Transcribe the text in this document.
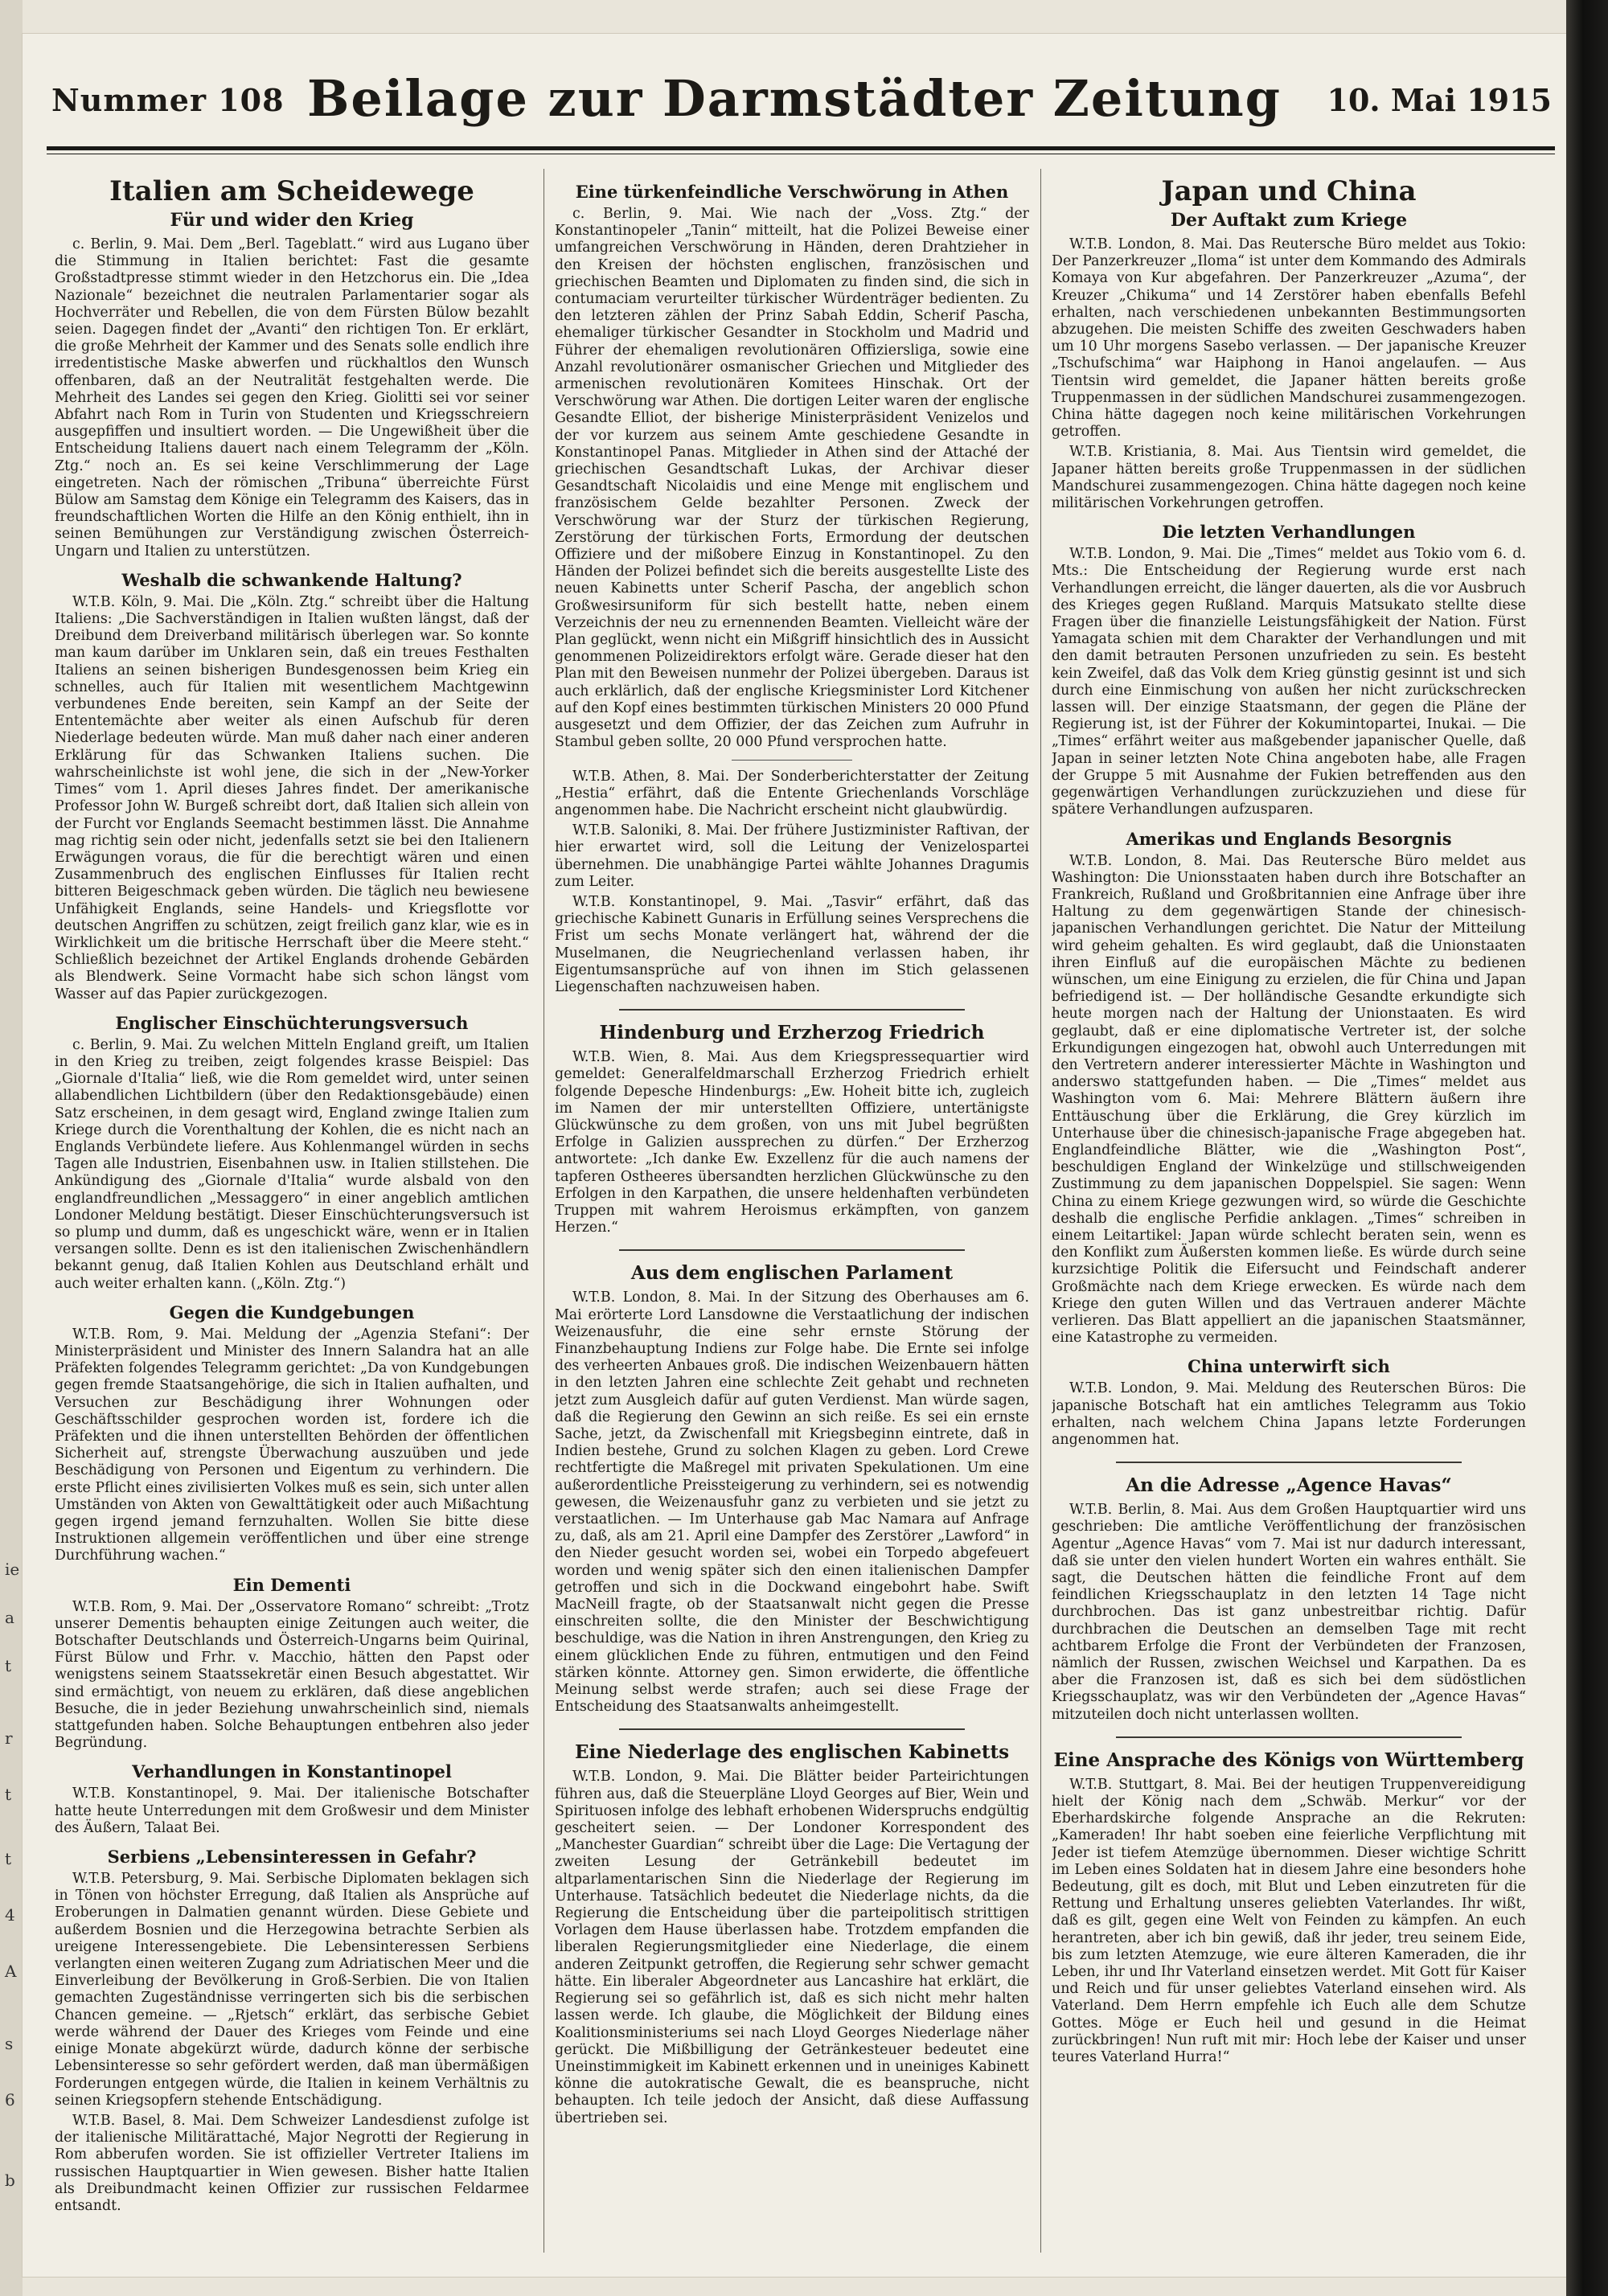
ie
a
t
r
t
t
4
A
s
6
b
Nummer 108 Beilage zur Darmstädter Zeitung	10. Mai 1915
Italien am Scheidewege
Für und wider den Krieg

c. Berlin, 9. Mai. Dem „Berl. Tageblatt.“ wird aus Lugano über die Stimmung in Italien berichtet: Fast die gesamte Großstadtpresse stimmt wieder in den Hetzchorus ein. Die „Idea Nazionale“ bezeichnet die neutralen Parlamentarier sogar als Hochverräter und Rebellen, die von dem Fürsten Bülow bezahlt seien. Dagegen findet der „Avanti“ den richtigen Ton. Er erklärt, die große Mehrheit der Kammer und des Senats solle endlich ihre irredentistische Maske abwerfen und rückhaltlos den Wunsch offenbaren, daß an der Neutralität festgehalten werde. Die Mehrheit des Landes sei gegen den Krieg. Giolitti sei vor seiner Abfahrt nach Rom in Turin von Studenten und Kriegsschreiern ausgepfiffen und insultiert worden. — Die Ungewißheit über die Entscheidung Italiens dauert nach einem Telegramm der „Köln. Ztg.“ noch an. Es sei keine Verschlimmerung der Lage eingetreten. Nach der römischen „Tribuna“ überreichte Fürst Bülow am Samstag dem Könige ein Telegramm des Kaisers, das in freundschaftlichen Worten die Hilfe an den König enthielt, ihn in seinen Bemühungen zur Verständigung zwischen Österreich-Ungarn und Italien zu unterstützen.

Weshalb die schwankende Haltung?

W.T.B. Köln, 9. Mai. Die „Köln. Ztg.“ schreibt über die Haltung Italiens: „Die Sachverständigen in Italien wußten längst, daß der Dreibund dem Dreiverband militärisch überlegen war. So konnte man kaum darüber im Unklaren sein, daß ein treues Festhalten Italiens an seinen bisherigen Bundesgenossen beim Krieg ein schnelles, auch für Italien mit wesentlichem Machtgewinn verbundenes Ende bereiten, sein Kampf an der Seite der Ententemächte aber weiter als einen Aufschub für deren Niederlage bedeuten würde. Man muß daher nach einer anderen Erklärung für das Schwanken Italiens suchen. Die wahrscheinlichste ist wohl jene, die sich in der „New-Yorker Times“ vom 1. April dieses Jahres findet. Der amerikanische Professor John W. Burgeß schreibt dort, daß Italien sich allein von der Furcht vor Englands Seemacht bestimmen lässt. Die Annahme mag richtig sein oder nicht, jedenfalls setzt sie bei den Italienern Erwägungen voraus, die für die berechtigt wären und einen Zusammenbruch des englischen Einflusses für Italien recht bitteren Beigeschmack geben würden. Die täglich neu bewiesene Unfähigkeit Englands, seine Handels- und Kriegsflotte vor deutschen Angriffen zu schützen, zeigt freilich ganz klar, wie es in Wirklichkeit um die britische Herrschaft über die Meere steht.“ Schließlich bezeichnet der Artikel Englands drohende Gebärden als Blendwerk. Seine Vormacht habe sich schon längst vom Wasser auf das Papier zurückgezogen.

Englischer Einschüchterungsversuch

c. Berlin, 9. Mai. Zu welchen Mitteln England greift, um Italien in den Krieg zu treiben, zeigt folgendes krasse Beispiel: Das „Giornale d'Italia“ ließ, wie die Rom gemeldet wird, unter seinen allabendlichen Lichtbildern (über den Redaktionsgebäude) einen Satz erscheinen, in dem gesagt wird, England zwinge Italien zum Kriege durch die Vorenthaltung der Kohlen, die es nicht nach an Englands Verbündete liefere. Aus Kohlenmangel würden in sechs Tagen alle Industrien, Eisenbahnen usw. in Italien stillstehen. Die Ankündigung des „Giornale d'Italia“ wurde alsbald von den englandfreundlichen „Messaggero“ in einer angeblich amtlichen Londoner Meldung bestätigt. Dieser Einschüchterungsversuch ist so plump und dumm, daß es ungeschickt wäre, wenn er in Italien versangen sollte. Denn es ist den italienischen Zwischenhändlern bekannt genug, daß Italien Kohlen aus Deutschland erhält und auch weiter erhalten kann. („Köln. Ztg.“)

Gegen die Kundgebungen

W.T.B. Rom, 9. Mai. Meldung der „Agenzia Stefani“: Der Ministerpräsident und Minister des Innern Salandra hat an alle Präfekten folgendes Telegramm gerichtet: „Da von Kundgebungen gegen fremde Staatsangehörige, die sich in Italien aufhalten, und Versuchen zur Beschädigung ihrer Wohnungen oder Geschäftsschilder gesprochen worden ist, fordere ich die Präfekten und die ihnen unterstellten Behörden der öffentlichen Sicherheit auf, strengste Überwachung auszuüben und jede Beschädigung von Personen und Eigentum zu verhindern. Die erste Pflicht eines zivilisierten Volkes muß es sein, sich unter allen Umständen von Akten von Gewalttätigkeit oder auch Mißachtung gegen irgend jemand fernzuhalten. Wollen Sie bitte diese Instruktionen allgemein veröffentlichen und über eine strenge Durchführung wachen.“

Ein Dementi

W.T.B. Rom, 9. Mai. Der „Osservatore Romano“ schreibt: „Trotz unserer Dementis behaupten einige Zeitungen auch weiter, die Botschafter Deutschlands und Österreich-Ungarns beim Quirinal, Fürst Bülow und Frhr. v. Macchio, hätten den Papst oder wenigstens seinem Staatssekretär einen Besuch abgestattet. Wir sind ermächtigt, von neuem zu erklären, daß diese angeblichen Besuche, die in jeder Beziehung unwahrscheinlich sind, niemals stattgefunden haben. Solche Behauptungen entbehren also jeder Begründung.

Verhandlungen in Konstantinopel

W.T.B. Konstantinopel, 9. Mai. Der italienische Botschafter hatte heute Unterredungen mit dem Großwesir und dem Minister des Äußern, Talaat Bei.

Serbiens „Lebensinteressen in Gefahr?

W.T.B. Petersburg, 9. Mai. Serbische Diplomaten beklagen sich in Tönen von höchster Erregung, daß Italien als Ansprüche auf Eroberungen in Dalmatien genannt würden. Diese Gebiete und außerdem Bosnien und die Herzegowina betrachte Serbien als ureigene Interessengebiete. Die Lebensinteressen Serbiens verlangten einen weiteren Zugang zum Adriatischen Meer und die Einverleibung der Bevölkerung in Groß-Serbien. Die von Italien gemachten Zugeständnisse verringerten sich bis die serbischen Chancen gemeine. — „Rjetsch“ erklärt, das serbische Gebiet werde während der Dauer des Krieges vom Feinde und eine einige Monate abgekürzt würde, dadurch könne der serbische Lebensinteresse so sehr gefördert werden, daß man übermäßigen Forderungen entgegen würde, die Italien in keinem Verhältnis zu seinen Kriegsopfern stehende Entschädigung.

W.T.B. Basel, 8. Mai. Dem Schweizer Landesdienst zufolge ist der italienische Militärattaché, Major Negrotti der Regierung in Rom abberufen worden. Sie ist offizieller Vertreter Italiens im russischen Hauptquartier in Wien gewesen. Bisher hatte Italien als Dreibundmacht keinen Offizier zur russischen Feldarmee entsandt.

Eine türkenfeindliche Verschwörung in Athen

c. Berlin, 9. Mai. Wie nach der „Voss. Ztg.“ der Konstantinopeler „Tanin“ mitteilt, hat die Polizei Beweise einer umfangreichen Verschwörung in Händen, deren Drahtzieher in den Kreisen der höchsten englischen, französischen und griechischen Beamten und Diplomaten zu finden sind, die sich in contumaciam verurteilter türkischer Würdenträger bedienten. Zu den letzteren zählen der Prinz Sabah Eddin, Scherif Pascha, ehemaliger türkischer Gesandter in Stockholm und Madrid und Führer der ehemaligen revolutionären Offiziersliga, sowie eine Anzahl revolutionärer osmanischer Griechen und Mitglieder des armenischen revolutionären Komitees Hinschak. Ort der Verschwörung war Athen. Die dortigen Leiter waren der englische Gesandte Elliot, der bisherige Ministerpräsident Venizelos und der vor kurzem aus seinem Amte geschiedene Gesandte in Konstantinopel Panas. Mitglieder in Athen sind der Attaché der griechischen Gesandtschaft Lukas, der Archivar dieser Gesandtschaft Nicolaidis und eine Menge mit englischem und französischem Gelde bezahlter Personen. Zweck der Verschwörung war der Sturz der türkischen Regierung, Zerstörung der türkischen Forts, Ermordung der deutschen Offiziere und der mißobere Einzug in Konstantinopel. Zu den Händen der Polizei befindet sich die bereits ausgestellte Liste des neuen Kabinetts unter Scherif Pascha, der angeblich schon Großwesirsuniform für sich bestellt hatte, neben einem Verzeichnis der neu zu ernennenden Beamten. Vielleicht wäre der Plan geglückt, wenn nicht ein Mißgriff hinsichtlich des in Aussicht genommenen Polizeidirektors erfolgt wäre. Gerade dieser hat den Plan mit den Beweisen nunmehr der Polizei übergeben. Daraus ist auch erklärlich, daß der englische Kriegsminister Lord Kitchener auf den Kopf eines bestimmten türkischen Ministers 20 000 Pfund ausgesetzt und dem Offizier, der das Zeichen zum Aufruhr in Stambul geben sollte, 20 000 Pfund versprochen hatte.

W.T.B. Athen, 8. Mai. Der Sonderberichterstatter der Zeitung „Hestia“ erfährt, daß die Entente Griechenlands Vorschläge angenommen habe. Die Nachricht erscheint nicht glaubwürdig.

W.T.B. Saloniki, 8. Mai. Der frühere Justizminister Raftivan, der hier erwartet wird, soll die Leitung der Venizelospartei übernehmen. Die unabhängige Partei wählte Johannes Dragumis zum Leiter.

W.T.B. Konstantinopel, 9. Mai. „Tasvir“ erfährt, daß das griechische Kabinett Gunaris in Erfüllung seines Versprechens die Frist um sechs Monate verlängert hat, während der die Muselmanen, die Neugriechenland verlassen haben, ihr Eigentumsansprüche auf von ihnen im Stich gelassenen Liegenschaften nachzuweisen haben.

Hindenburg und Erzherzog Friedrich

W.T.B. Wien, 8. Mai. Aus dem Kriegspressequartier wird gemeldet: Generalfeldmarschall Erzherzog Friedrich erhielt folgende Depesche Hindenburgs: „Ew. Hoheit bitte ich, zugleich im Namen der mir unterstellten Offiziere, untertänigste Glückwünsche zu dem großen, von uns mit Jubel begrüßten Erfolge in Galizien aussprechen zu dürfen.“ Der Erzherzog antwortete: „Ich danke Ew. Exzellenz für die auch namens der tapferen Ostheeres übersandten herzlichen Glückwünsche zu den Erfolgen in den Karpathen, die unsere heldenhaften verbündeten Truppen mit wahrem Heroismus erkämpften, von ganzem Herzen.“

Aus dem englischen Parlament

W.T.B. London, 8. Mai. In der Sitzung des Oberhauses am 6. Mai erörterte Lord Lansdowne die Verstaatlichung der indischen Weizenausfuhr, die eine sehr ernste Störung der Finanzbehauptung Indiens zur Folge habe. Die Ernte sei infolge des verheerten Anbaues groß. Die indischen Weizenbauern hätten in den letzten Jahren eine schlechte Zeit gehabt und rechneten jetzt zum Ausgleich dafür auf guten Verdienst. Man würde sagen, daß die Regierung den Gewinn an sich reiße. Es sei ein ernste Sache, jetzt, da Zwischenfall mit Kriegsbeginn eintrete, daß in Indien bestehe, Grund zu solchen Klagen zu geben. Lord Crewe rechtfertigte die Maßregel mit privaten Spekulationen. Um eine außerordentliche Preissteigerung zu verhindern, sei es notwendig gewesen, die Weizenausfuhr ganz zu verbieten und sie jetzt zu verstaatlichen. — Im Unterhause gab Mac Namara auf Anfrage zu, daß, als am 21. April eine Dampfer des Zerstörer „Lawford“ in den Nieder gesucht worden sei, wobei ein Torpedo abgefeuert worden und wenig später sich den einen italienischen Dampfer getroffen und sich in die Dockwand eingebohrt habe. Swift MacNeill fragte, ob der Staatsanwalt nicht gegen die Presse einschreiten sollte, die den Minister der Beschwichtigung beschuldige, was die Nation in ihren Anstrengungen, den Krieg zu einem glücklichen Ende zu führen, entmutigen und den Feind stärken könnte. Attorney gen. Simon erwiderte, die öffentliche Meinung selbst werde strafen; auch sei diese Frage der Entscheidung des Staatsanwalts anheimgestellt.

Eine Niederlage des englischen Kabinetts

W.T.B. London, 9. Mai. Die Blätter beider Parteirichtungen führen aus, daß die Steuerpläne Lloyd Georges auf Bier, Wein und Spirituosen infolge des lebhaft erhobenen Widerspruchs endgültig gescheitert seien. — Der Londoner Korrespondent des „Manchester Guardian“ schreibt über die Lage: Die Vertagung der zweiten Lesung der Getränkebill bedeutet im altparlamentarischen Sinn die Niederlage der Regierung im Unterhause. Tatsächlich bedeutet die Niederlage nichts, da die Regierung die Entscheidung über die parteipolitisch strittigen Vorlagen dem Hause überlassen habe. Trotzdem empfanden die liberalen Regierungsmitglieder eine Niederlage, die einem anderen Zeitpunkt getroffen, die Regierung sehr schwer gemacht hätte. Ein liberaler Abgeordneter aus Lancashire hat erklärt, die Regierung sei so gefährlich ist, daß es sich nicht mehr halten lassen werde. Ich glaube, die Möglichkeit der Bildung eines Koalitionsministeriums sei nach Lloyd Georges Niederlage näher gerückt. Die Mißbilligung der Getränkesteuer bedeutet eine Uneinstimmigkeit im Kabinett erkennen und in uneiniges Kabinett könne die autokratische Gewalt, die es beanspruche, nicht behaupten. Ich teile jedoch der Ansicht, daß diese Auffassung übertrieben sei.

Japan und China
Der Auftakt zum Kriege

W.T.B. London, 8. Mai. Das Reutersche Büro meldet aus Tokio: Der Panzerkreuzer „Iloma“ ist unter dem Kommando des Admirals Komaya von Kur abgefahren. Der Panzerkreuzer „Azuma“, der Kreuzer „Chikuma“ und 14 Zerstörer haben ebenfalls Befehl erhalten, nach verschiedenen unbekannten Bestimmungsorten abzugehen. Die meisten Schiffe des zweiten Geschwaders haben um 10 Uhr morgens Sasebo verlassen. — Der japanische Kreuzer „Tschufschima“ war Haiphong in Hanoi angelaufen. — Aus Tientsin wird gemeldet, die Japaner hätten bereits große Truppenmassen in der südlichen Mandschurei zusammengezogen. China hätte dagegen noch keine militärischen Vorkehrungen getroffen.

W.T.B. Kristiania, 8. Mai. Aus Tientsin wird gemeldet, die Japaner hätten bereits große Truppenmassen in der südlichen Mandschurei zusammengezogen. China hätte dagegen noch keine militärischen Vorkehrungen getroffen.

Die letzten Verhandlungen

W.T.B. London, 9. Mai. Die „Times“ meldet aus Tokio vom 6. d. Mts.: Die Entscheidung der Regierung wurde erst nach Verhandlungen erreicht, die länger dauerten, als die vor Ausbruch des Krieges gegen Rußland. Marquis Matsukato stellte diese Fragen über die finanzielle Leistungsfähigkeit der Nation. Fürst Yamagata schien mit dem Charakter der Verhandlungen und mit den damit betrauten Personen unzufrieden zu sein. Es besteht kein Zweifel, daß das Volk dem Krieg günstig gesinnt ist und sich durch eine Einmischung von außen her nicht zurückschrecken lassen will. Der einzige Staatsmann, der gegen die Pläne der Regierung ist, ist der Führer der Kokumintopartei, Inukai. — Die „Times“ erfährt weiter aus maßgebender japanischer Quelle, daß Japan in seiner letzten Note China angeboten habe, alle Fragen der Gruppe 5 mit Ausnahme der Fukien betreffenden aus den gegenwärtigen Verhandlungen zurückzuziehen und diese für spätere Verhandlungen aufzusparen.

Amerikas und Englands Besorgnis

W.T.B. London, 8. Mai. Das Reutersche Büro meldet aus Washington: Die Unionsstaaten haben durch ihre Botschafter an Frankreich, Rußland und Großbritannien eine Anfrage über ihre Haltung zu dem gegenwärtigen Stande der chinesisch-japanischen Verhandlungen gerichtet. Die Natur der Mitteilung wird geheim gehalten. Es wird geglaubt, daß die Unionstaaten ihren Einfluß auf die europäischen Mächte zu bedienen wünschen, um eine Einigung zu erzielen, die für China und Japan befriedigend ist. — Der holländische Gesandte erkundigte sich heute morgen nach der Haltung der Unionstaaten. Es wird geglaubt, daß er eine diplomatische Vertreter ist, der solche Erkundigungen eingezogen hat, obwohl auch Unterredungen mit den Vertretern anderer interessierter Mächte in Washington und anderswo stattgefunden haben. — Die „Times“ meldet aus Washington vom 6. Mai: Mehrere Blättern äußern ihre Enttäuschung über die Erklärung, die Grey kürzlich im Unterhause über die chinesisch-japanische Frage abgegeben hat. Englandfeindliche Blätter, wie die „Washington Post“, beschuldigen England der Winkelzüge und stillschweigenden Zustimmung zu dem japanischen Doppelspiel. Sie sagen: Wenn China zu einem Kriege gezwungen wird, so würde die Geschichte deshalb die englische Perfidie anklagen. „Times“ schreiben in einem Leitartikel: Japan würde schlecht beraten sein, wenn es den Konflikt zum Äußersten kommen ließe. Es würde durch seine kurzsichtige Politik die Eifersucht und Feindschaft anderer Großmächte nach dem Kriege erwecken. Es würde nach dem Kriege den guten Willen und das Vertrauen anderer Mächte verlieren. Das Blatt appelliert an die japanischen Staatsmänner, eine Katastrophe zu vermeiden.

China unterwirft sich

W.T.B. London, 9. Mai. Meldung des Reuterschen Büros: Die japanische Botschaft hat ein amtliches Telegramm aus Tokio erhalten, nach welchem China Japans letzte Forderungen angenommen hat.

An die Adresse „Agence Havas“

W.T.B. Berlin, 8. Mai. Aus dem Großen Hauptquartier wird uns geschrieben: Die amtliche Veröffentlichung der französischen Agentur „Agence Havas“ vom 7. Mai ist nur dadurch interessant, daß sie unter den vielen hundert Worten ein wahres enthält. Sie sagt, die Deutschen hätten die feindliche Front auf dem feindlichen Kriegsschauplatz in den letzten 14 Tage nicht durchbrochen. Das ist ganz unbestreitbar richtig. Dafür durchbrachen die Deutschen an demselben Tage mit recht achtbarem Erfolge die Front der Verbündeten der Franzosen, nämlich der Russen, zwischen Weichsel und Karpathen. Da es aber die Franzosen ist, daß es sich bei dem südöstlichen Kriegsschauplatz, was wir den Verbündeten der „Agence Havas“ mitzuteilen doch nicht unterlassen wollten.

Eine Ansprache des Königs von Württemberg

W.T.B. Stuttgart, 8. Mai. Bei der heutigen Truppenvereidigung hielt der König nach dem „Schwäb. Merkur“ vor der Eberhardskirche folgende Ansprache an die Rekruten: „Kameraden! Ihr habt soeben eine feierliche Verpflichtung mit Jeder ist tiefem Atemzüge übernommen. Dieser wichtige Schritt im Leben eines Soldaten hat in diesem Jahre eine besonders hohe Bedeutung, gilt es doch, mit Blut und Leben einzutreten für die Rettung und Erhaltung unseres geliebten Vaterlandes. Ihr wißt, daß es gilt, gegen eine Welt von Feinden zu kämpfen. An euch herantreten, aber ich bin gewiß, daß ihr jeder, treu seinem Eide, bis zum letzten Atemzuge, wie eure älteren Kameraden, die ihr Leben, ihr und Ihr Vaterland einsetzen werdet. Mit Gott für Kaiser und Reich und für unser geliebtes Vaterland einsehen wird. Als Vaterland. Dem Herrn empfehle ich Euch alle dem Schutze Gottes. Möge er Euch heil und gesund in die Heimat zurückbringen! Nun ruft mit mir: Hoch lebe der Kaiser und unser teures Vaterland Hurra!“
